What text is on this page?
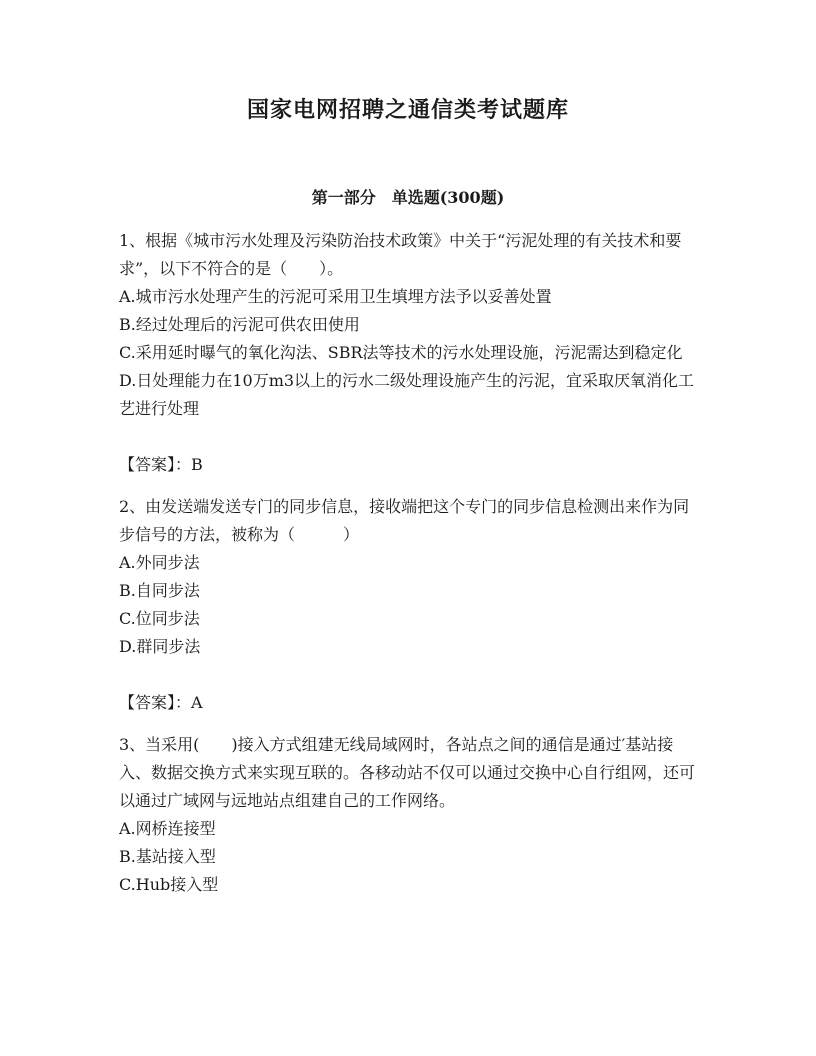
国家电网招聘之通信类考试题库
第一部分　单选题(300题)

1、根据《城市污水处理及污染防治技术政策》中关于“污泥处理的有关技术和要求”，以下不符合的是（　　）。

A.城市污水处理产生的污泥可采用卫生填埋方法予以妥善处置

B.经过处理后的污泥可供农田使用

C.采用延时曝气的氧化沟法、SBR法等技术的污水处理设施，污泥需达到稳定化

D.日处理能力在10万m3以上的污水二级处理设施产生的污泥，宜采取厌氧消化工艺进行处理

【答案】：B

2、由发送端发送专门的同步信息，接收端把这个专门的同步信息检测出来作为同步信号的方法，被称为（　　　）

A.外同步法

B.自同步法

C.位同步法

D.群同步法

【答案】：A

3、当采用(　　)接入方式组建无线局域网时，各站点之间的通信是通过′基站接入、数据交换方式来实现互联的。各移动站不仅可以通过交换中心自行组网，还可以通过广域网与远地站点组建自己的工作网络。

A.网桥连接型

B.基站接入型

C.Hub接入型
